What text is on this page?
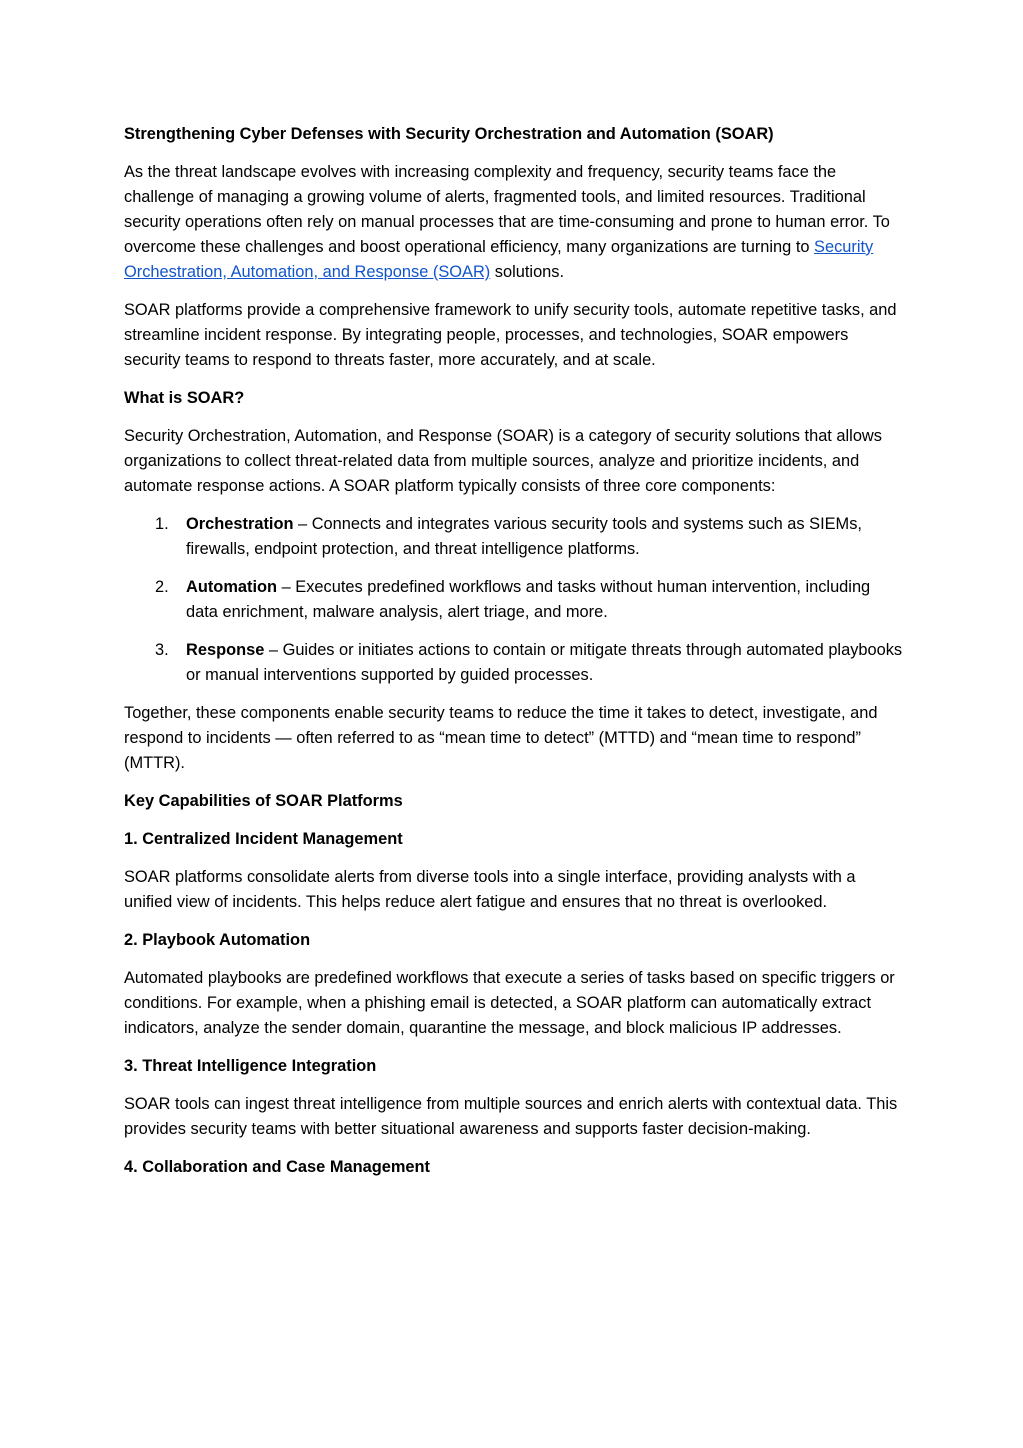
Strengthening Cyber Defenses with Security Orchestration and Automation (SOAR)

As the threat landscape evolves with increasing complexity and frequency, security teams face the challenge of managing a growing volume of alerts, fragmented tools, and limited resources. Traditional security operations often rely on manual processes that are time-consuming and prone to human error. To overcome these challenges and boost operational efficiency, many organizations are turning to Security Orchestration, Automation, and Response (SOAR) solutions.

SOAR platforms provide a comprehensive framework to unify security tools, automate repetitive tasks, and streamline incident response. By integrating people, processes, and technologies, SOAR empowers security teams to respond to threats faster, more accurately, and at scale.

What is SOAR?

Security Orchestration, Automation, and Response (SOAR) is a category of security solutions that allows organizations to collect threat-related data from multiple sources, analyze and prioritize incidents, and automate response actions. A SOAR platform typically consists of three core components:

1. Orchestration – Connects and integrates various security tools and systems such as SIEMs, firewalls, endpoint protection, and threat intelligence platforms.
2. Automation – Executes predefined workflows and tasks without human intervention, including data enrichment, malware analysis, alert triage, and more.
3. Response – Guides or initiates actions to contain or mitigate threats through automated playbooks or manual interventions supported by guided processes.

Together, these components enable security teams to reduce the time it takes to detect, investigate, and respond to incidents — often referred to as “mean time to detect” (MTTD) and “mean time to respond” (MTTR).

Key Capabilities of SOAR Platforms

1. Centralized Incident Management

SOAR platforms consolidate alerts from diverse tools into a single interface, providing analysts with a unified view of incidents. This helps reduce alert fatigue and ensures that no threat is overlooked.

2. Playbook Automation

Automated playbooks are predefined workflows that execute a series of tasks based on specific triggers or conditions. For example, when a phishing email is detected, a SOAR platform can automatically extract indicators, analyze the sender domain, quarantine the message, and block malicious IP addresses.

3. Threat Intelligence Integration

SOAR tools can ingest threat intelligence from multiple sources and enrich alerts with contextual data. This provides security teams with better situational awareness and supports faster decision-making.

4. Collaboration and Case Management
